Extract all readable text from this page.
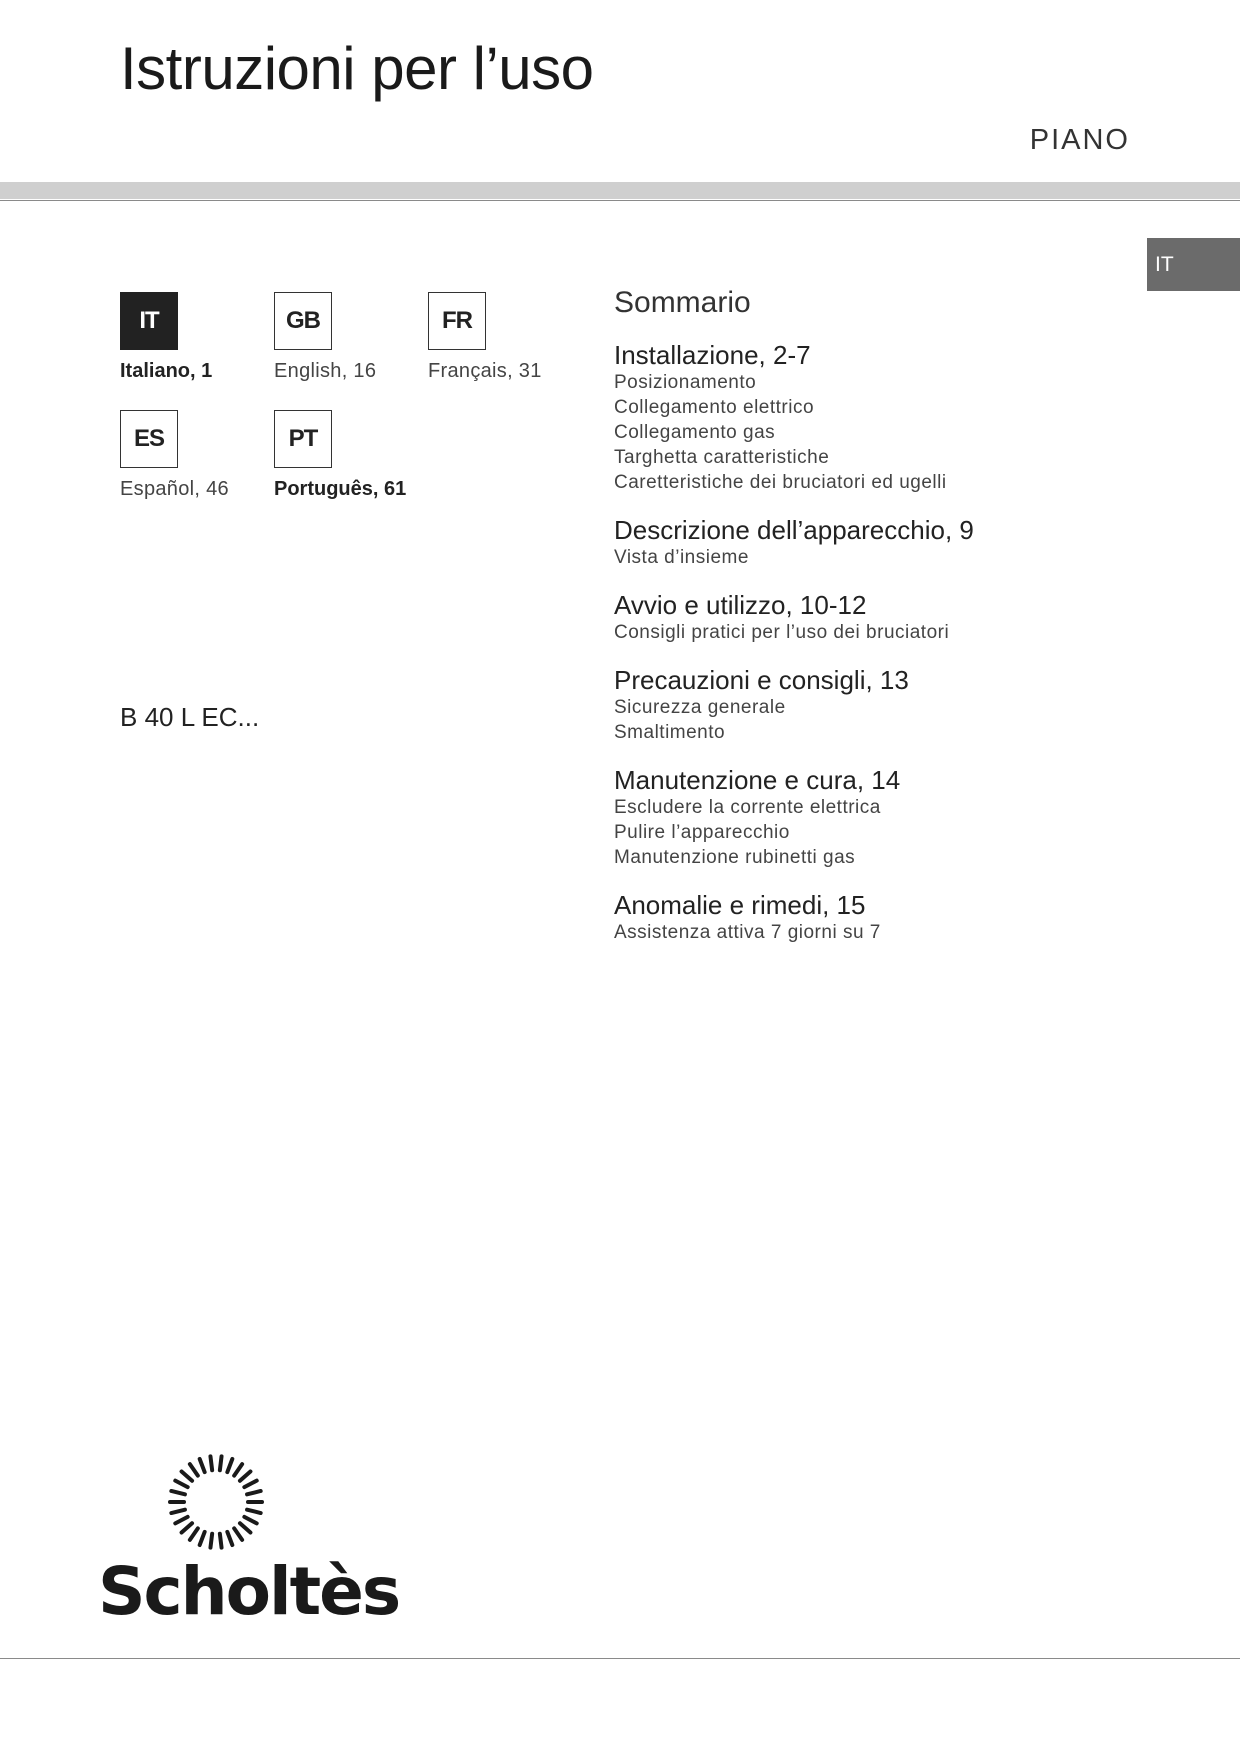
Istruzioni per l’uso
PIANO
IT
IT
Italiano, 1
GB
English, 16
FR
Français, 31
ES
Español, 46
PT
Português, 61
B 40 L EC...
Sommario
Installazione, 2-7
Posizionamento
Collegamento elettrico
Collegamento gas
Targhetta caratteristiche
Caretteristiche dei bruciatori ed ugelli
Descrizione dell’apparecchio, 9
Vista d’insieme
Avvio e utilizzo, 10-12
Consigli pratici per l’uso dei bruciatori
Precauzioni e consigli, 13
Sicurezza generale
Smaltimento
Manutenzione e cura, 14
Escludere la corrente elettrica
Pulire l’apparecchio
Manutenzione rubinetti gas
Anomalie e rimedi, 15
Assistenza attiva 7 giorni su 7
Scholtès
